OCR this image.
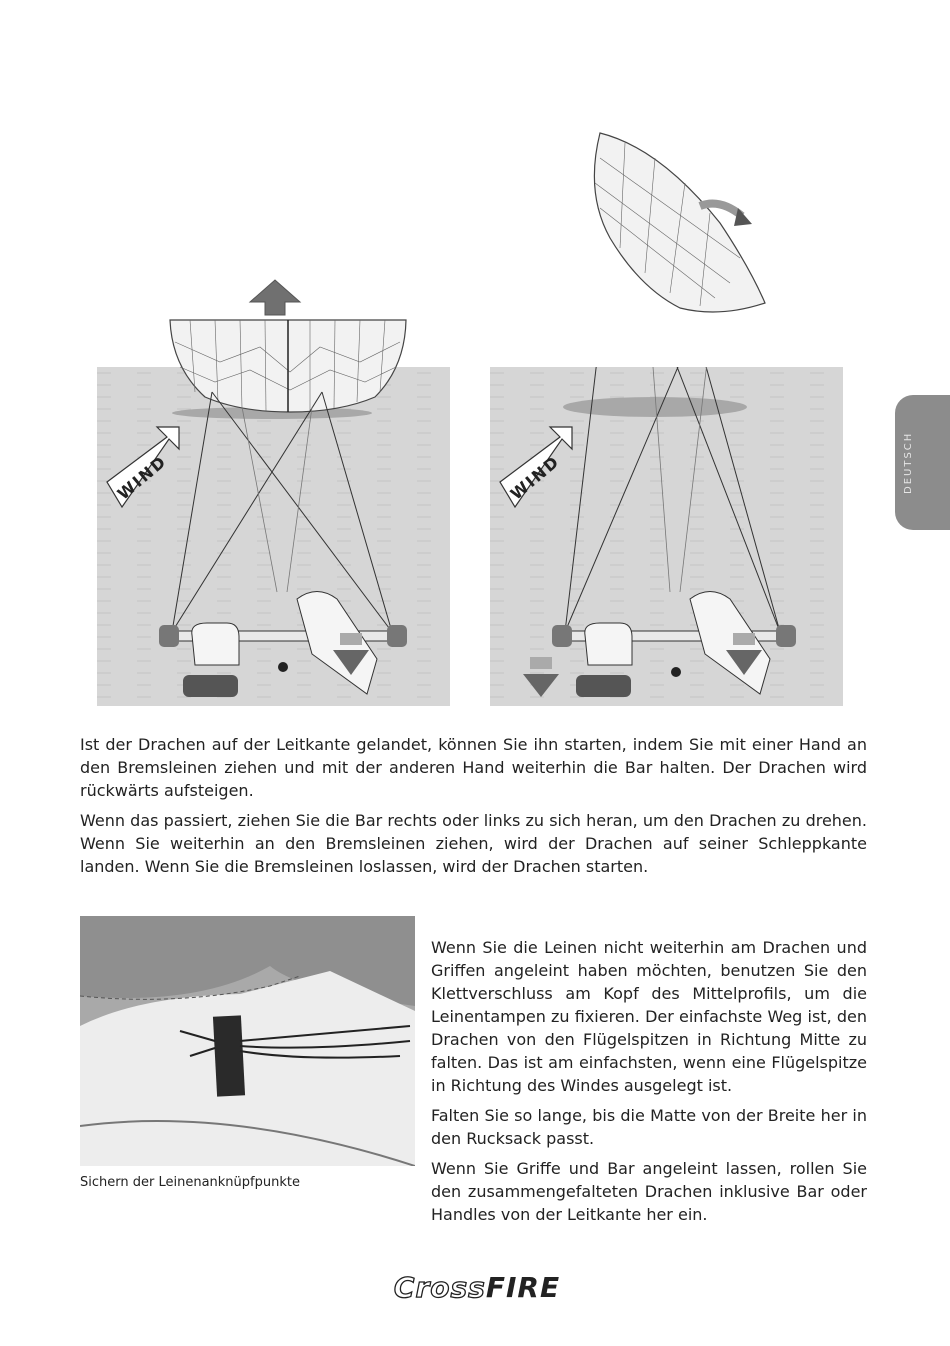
WIND	WIND	DEUTSCH

Ist der Drachen auf der Leitkante gelandet, können Sie ihn starten, indem Sie mit einer Hand an den Bremsleinen ziehen und mit der anderen Hand weiterhin die Bar halten. Der Drachen wird rückwärts aufsteigen.

Wenn das passiert, ziehen Sie die Bar rechts oder links zu sich heran, um den Drachen zu drehen. Wenn Sie weiterhin an den Bremsleinen ziehen, wird der Drachen auf seiner Schleppkante landen. Wenn Sie die Bremsleinen loslassen, wird der Drachen starten.

Sichern der Leinenanknüpfpunkte

Wenn Sie die Leinen nicht weiterhin am Drachen und Griffen angeleint haben möchten, benutzen Sie den Klettverschluss am Kopf des Mittelprofils, um die Leinentampen zu fixieren. Der einfachste Weg ist, den Drachen von den Flügelspitzen in Richtung Mitte zu falten. Das ist am einfachsten, wenn eine Flügelspitze in Richtung des Windes ausgelegt ist.

Falten Sie so lange, bis die Matte von der Breite her in den Rucksack passt.

Wenn Sie Griffe und Bar angeleint lassen, rollen Sie den zusammengefalteten Drachen inklusive Bar oder Handles von der Leitkante her ein.

Cross FIRE
